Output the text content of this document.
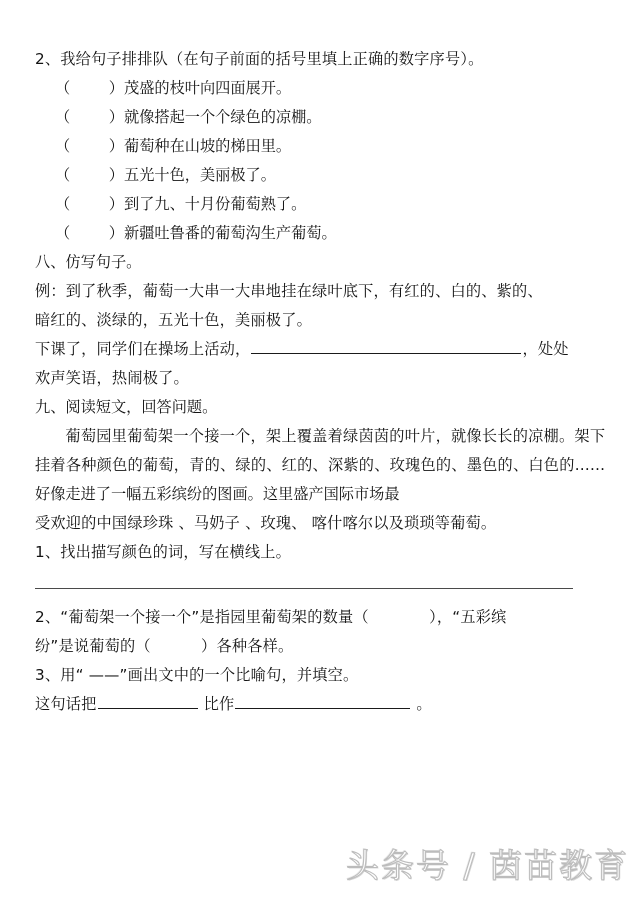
2、我给句子排排队（在句子前面的括号里填上正确的数字序号）。
（        ）茂盛的枝叶向四面展开。
（        ）就像搭起一个个绿色的凉棚。
（        ）葡萄种在山坡的梯田里。
（        ）五光十色，美丽极了。
（        ）到了九、十月份葡萄熟了。
（        ）新疆吐鲁番的葡萄沟生产葡萄。
八、仿写句子。
例：到了秋季，葡萄一大串一大串地挂在绿叶底下，有红的、白的、紫的、
暗红的、淡绿的，五光十色，美丽极了。
下课了，同学们在操场上活动，	，处处
欢声笑语，热闹极了。
九、阅读短文，回答问题。

葡萄园里葡萄架一个接一个，架上覆盖着绿茵茵的叶片，就像长长的凉棚。架下挂着各种颜色的葡萄，青的、绿的、红的、深紫的、玫瑰色的、墨色的、白色的……好像走进了一幅五彩缤纷的图画。这里盛产国际市场最

受欢迎的中国绿珍珠 、马奶子 、玫瑰、 喀什喀尔以及琐琐等葡萄。
1、找出描写颜色的词，写在横线上。
2、“葡萄架一个接一个”是指园里葡萄架的数量（            ），“五彩缤
纷”是说葡萄的（          ）各种各样。
3、用“ ——”画出文中的一个比喻句，并填空。
这句话把	比作	。
头条号 / 茵苗教育
